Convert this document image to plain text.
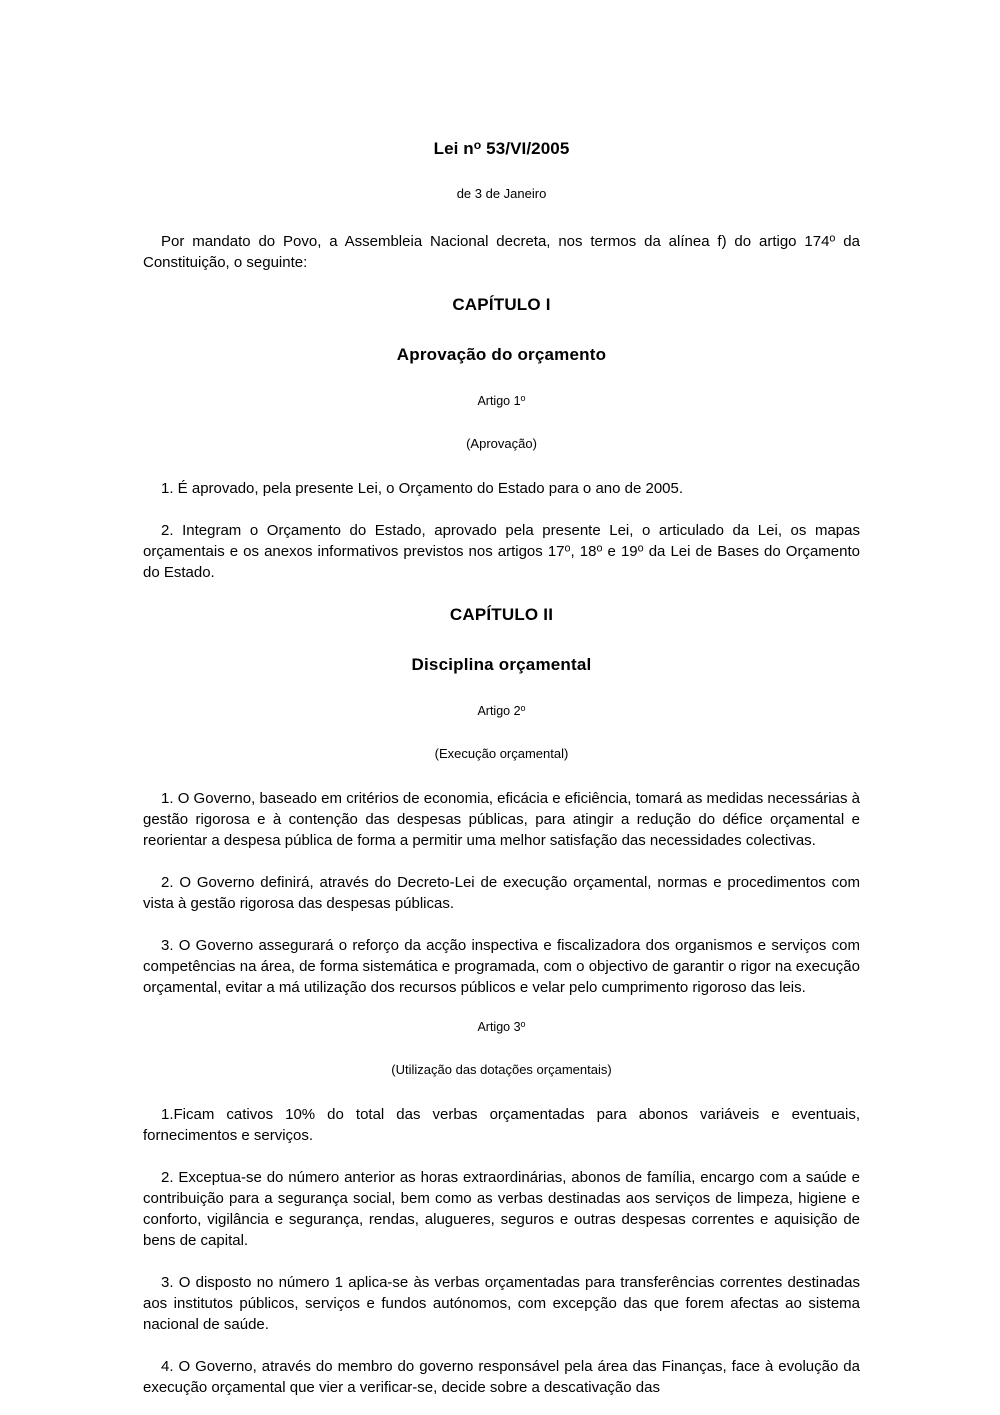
Lei $n^o$ 53/VI/2005
de 3 de Janeiro

Por mandato do Povo, a Assembleia Nacional decreta, nos termos da alínea f) do artigo 174$^o$ da Constituição, o seguinte:

CAPÍTULO I
Aprovação do orçamento
Artigo 1$^o$
(Aprovação)

1. É aprovado, pela presente Lei, o Orçamento do Estado para o ano de 2005.

2. Integram o Orçamento do Estado, aprovado pela presente Lei, o articulado da Lei, os mapas orçamentais e os anexos informativos previstos nos artigos 17$^o$, 18$^o$ e 19$^o$ da Lei de Bases do Orçamento do Estado.

CAPÍTULO II
Disciplina orçamental
Artigo 2$^o$
(Execução orçamental)

1. O Governo, baseado em critérios de economia, eficácia e eficiência, tomará as medidas necessárias à gestão rigorosa e à contenção das despesas públicas, para atingir a redução do défice orçamental e reorientar a despesa pública de forma a permitir uma melhor satisfação das necessidades colectivas.

2. O Governo definirá, através do Decreto-Lei de execução orçamental, normas e procedimentos com vista à gestão rigorosa das despesas públicas.

3. O Governo assegurará o reforço da acção inspectiva e fiscalizadora dos organismos e serviços com competências na área, de forma sistemática e programada, com o objectivo de garantir o rigor na execução orçamental, evitar a má utilização dos recursos públicos e velar pelo cumprimento rigoroso das leis.

Artigo 3$^o$
(Utilização das dotações orçamentais)

1.Ficam cativos 10% do total das verbas orçamentadas para abonos variáveis e eventuais, fornecimentos e serviços.

2. Exceptua-se do número anterior as horas extraordinárias, abonos de família, encargo com a saúde e contribuição para a segurança social, bem como as verbas destinadas aos serviços de limpeza, higiene e conforto, vigilância e segurança, rendas, alugueres, seguros e outras despesas correntes e aquisição de bens de capital.

3. O disposto no número 1 aplica-se às verbas orçamentadas para transferências correntes destinadas aos institutos públicos, serviços e fundos autónomos, com excepção das que forem afectas ao sistema nacional de saúde.

4. O Governo, através do membro do governo responsável pela área das Finanças, face à evolução da execução orçamental que vier a verificar-se, decide sobre a descativação das
